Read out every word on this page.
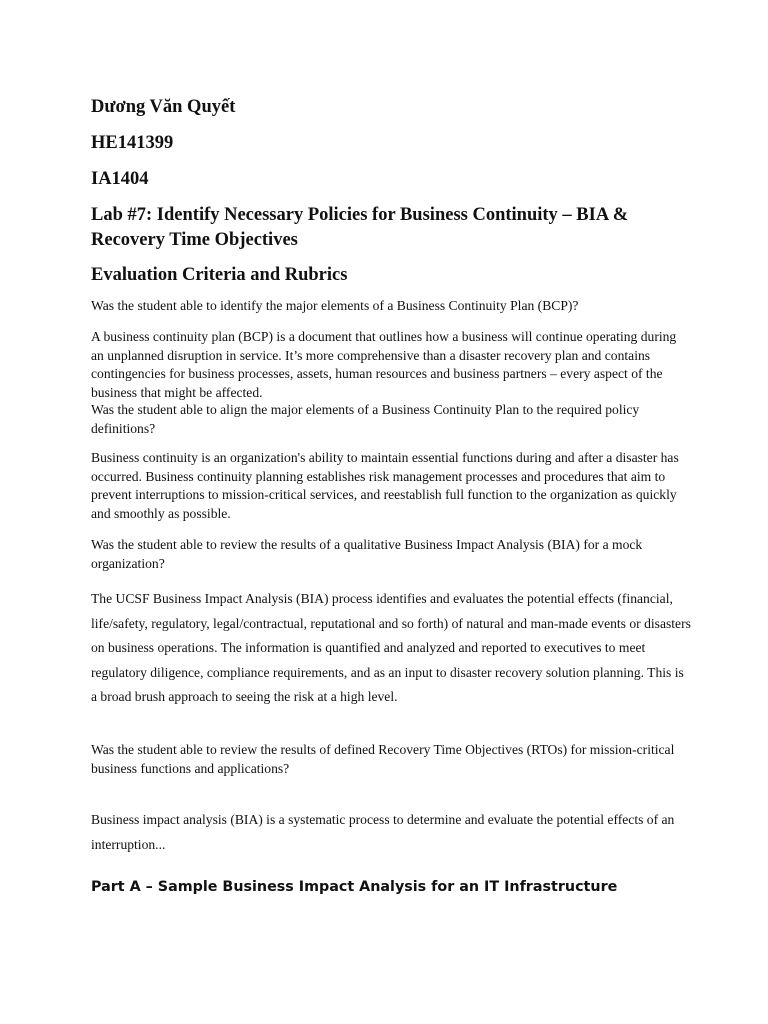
Dương Văn Quyết
HE141399
IA1404
Lab #7: Identify Necessary Policies for Business Continuity – BIA & Recovery Time Objectives
Evaluation Criteria and Rubrics

Was the student able to identify the major elements of a Business Continuity Plan (BCP)?

A business continuity plan (BCP) is a document that outlines how a business will continue operating during an unplanned disruption in service. It’s more comprehensive than a disaster recovery plan and contains contingencies for business processes, assets, human resources and business partners – every aspect of the business that might be affected.

Was the student able to align the major elements of a Business Continuity Plan to the required policy definitions?

Business continuity is an organization's ability to maintain essential functions during and after a disaster has occurred. Business continuity planning establishes risk management processes and procedures that aim to prevent interruptions to mission-critical services, and reestablish full function to the organization as quickly and smoothly as possible.

Was the student able to review the results of a qualitative Business Impact Analysis (BIA) for a mock organization?

The UCSF Business Impact Analysis (BIA) process identifies and evaluates the potential effects (financial, life/safety, regulatory, legal/contractual, reputational and so forth) of natural and man-made events or disasters on business operations. The information is quantified and analyzed and reported to executives to meet regulatory diligence, compliance requirements, and as an input to disaster recovery solution planning. This is a broad brush approach to seeing the risk at a high level.

Was the student able to review the results of defined Recovery Time Objectives (RTOs) for mission-critical business functions and applications?

Business impact analysis (BIA) is a systematic process to determine and evaluate the potential effects of an interruption...

Part A – Sample Business Impact Analysis for an IT Infrastructure
